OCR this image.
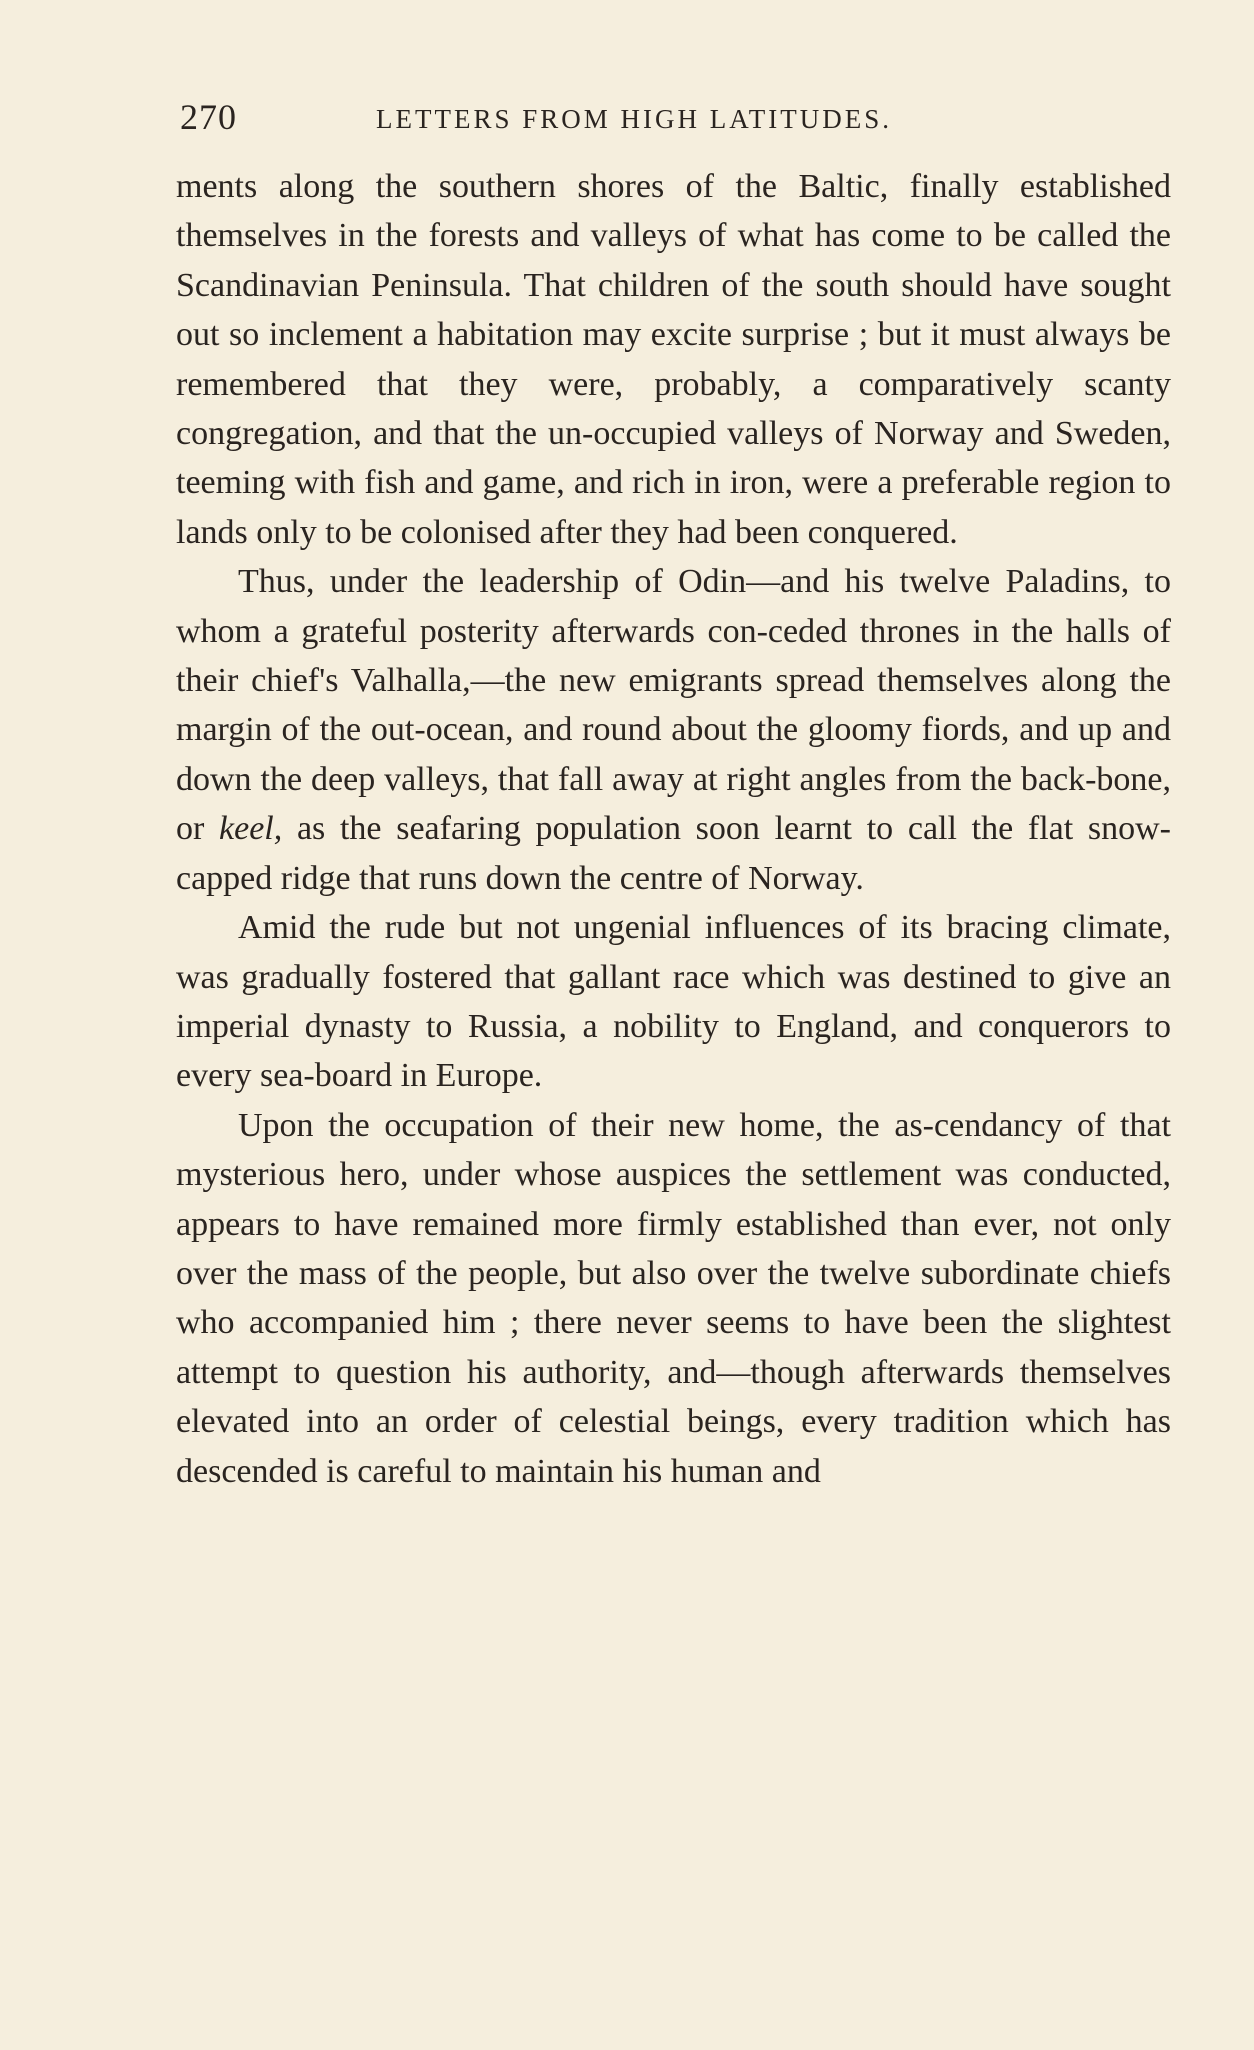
270	LETTERS FROM HIGH LATITUDES.

ments along the southern shores of the Baltic, finally established themselves in the forests and valleys of what has come to be called the Scandinavian Peninsula. That children of the south should have sought out so inclement a habitation may excite surprise ; but it must always be remembered that they were, probably, a comparatively scanty congregation, and that the un-occupied valleys of Norway and Sweden, teeming with fish and game, and rich in iron, were a preferable region to lands only to be colonised after they had been conquered.

Thus, under the leadership of Odin—and his twelve Paladins, to whom a grateful posterity afterwards con-ceded thrones in the halls of their chief's Valhalla,—the new emigrants spread themselves along the margin of the out-ocean, and round about the gloomy fiords, and up and down the deep valleys, that fall away at right angles from the back-bone, or keel, as the seafaring population soon learnt to call the flat snow-capped ridge that runs down the centre of Norway.

Amid the rude but not ungenial influences of its bracing climate, was gradually fostered that gallant race which was destined to give an imperial dynasty to Russia, a nobility to England, and conquerors to every sea-board in Europe.

Upon the occupation of their new home, the as-cendancy of that mysterious hero, under whose auspices the settlement was conducted, appears to have remained more firmly established than ever, not only over the mass of the people, but also over the twelve subordinate chiefs who accompanied him ; there never seems to have been the slightest attempt to question his authority, and—though afterwards themselves elevated into an order of celestial beings, every tradition which has descended is careful to maintain his human and
